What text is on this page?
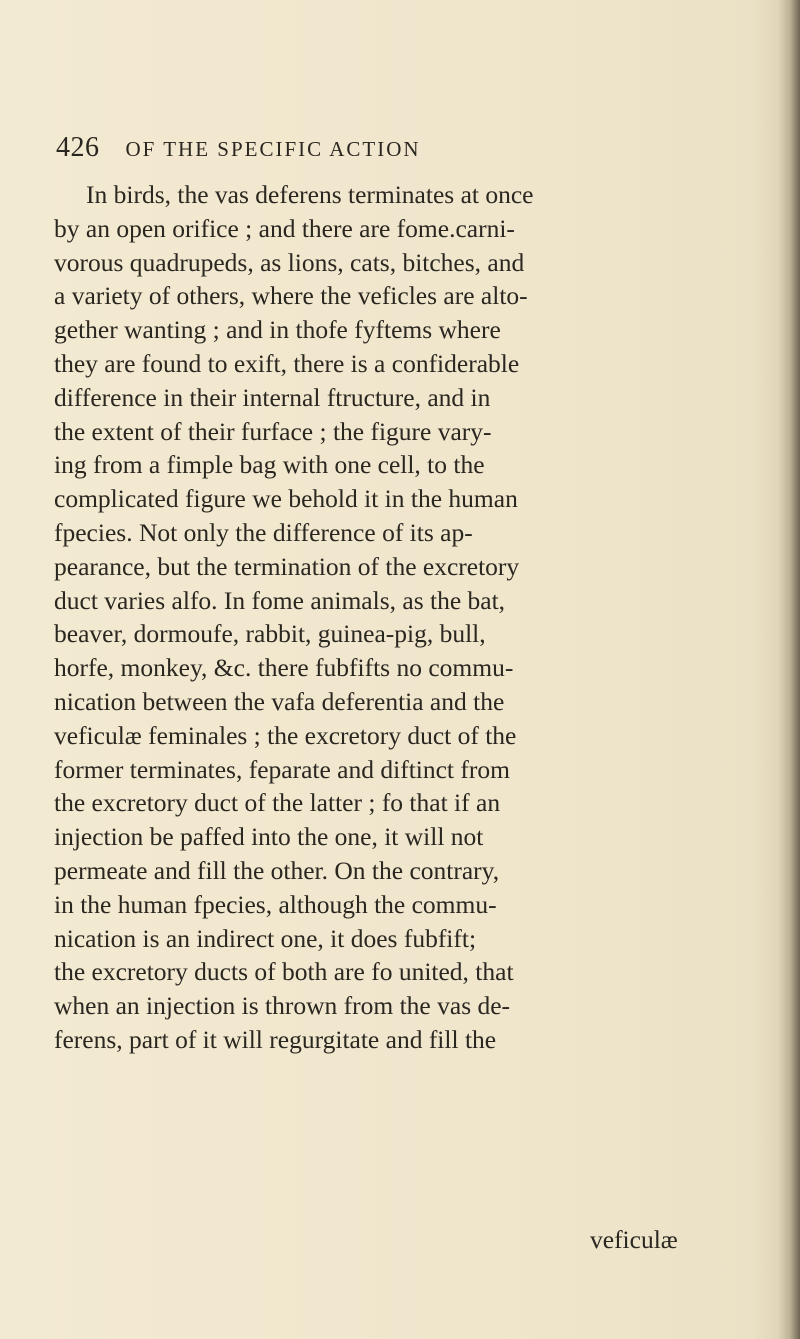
426 OF THE SPECIFIC ACTION
In birds, the vas deferens terminates at once
by an open orifice ; and there are fome.carni-
vorous quadrupeds, as lions, cats, bitches, and
a variety of others, where the veficles are alto-
gether wanting ; and in thofe fyftems where
they are found to exift, there is a confiderable
difference in their internal ftructure, and in
the extent of their furface ; the figure vary-
ing from a fimple bag with one cell, to the
complicated figure we behold it in the human
fpecies. Not only the difference of its ap-
pearance, but the termination of the excretory
duct varies alfo. In fome animals, as the bat,
beaver, dormoufe, rabbit, guinea-pig, bull,
horfe, monkey, &c. there fubfifts no commu-
nication between the vafa deferentia and the
veficulæ feminales ; the excretory duct of the
former terminates, feparate and diftinct from
the excretory duct of the latter ; fo that if an
injection be paffed into the one, it will not
permeate and fill the other. On the contrary,
in the human fpecies, although the commu-
nication is an indirect one, it does fubfift;
the excretory ducts of both are fo united, that
when an injection is thrown from the vas de-
ferens, part of it will regurgitate and fill the
veficulæ
